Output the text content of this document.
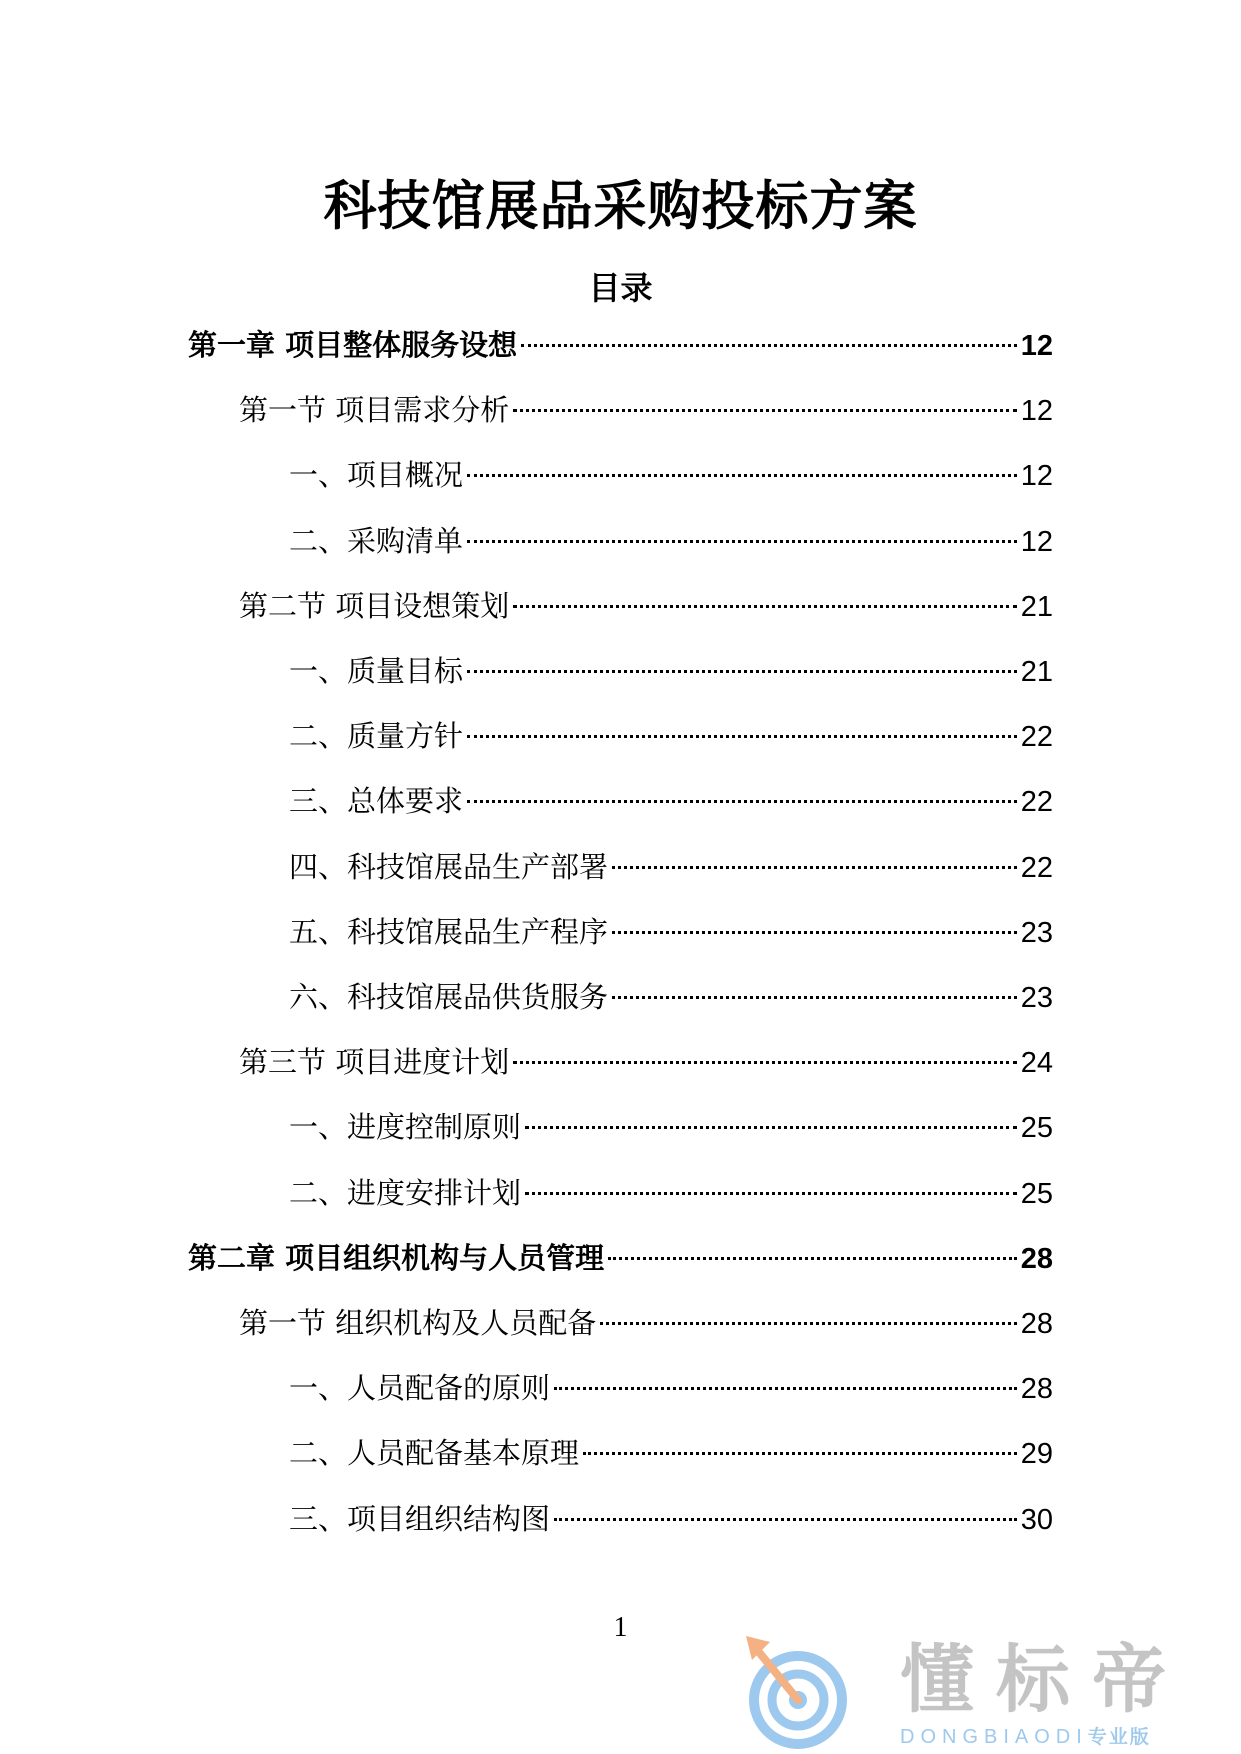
科技馆展品采购投标方案
目录
第一章 项目整体服务设想	12
第一节 项目需求分析	12
一、项目概况	12
二、采购清单	12
第二节 项目设想策划	21
一、质量目标	21
二、质量方针	22
三、总体要求	22
四、科技馆展品生产部署	22
五、科技馆展品生产程序	23
六、科技馆展品供货服务	23
第三节 项目进度计划	24
一、进度控制原则	25
二、进度安排计划	25
第二章 项目组织机构与人员管理	28
第一节 组织机构及人员配备	28
一、人员配备的原则	28
二、人员配备基本原理	29
三、项目组织结构图	30
1
懂标帝
DONGBIAODI专业版
